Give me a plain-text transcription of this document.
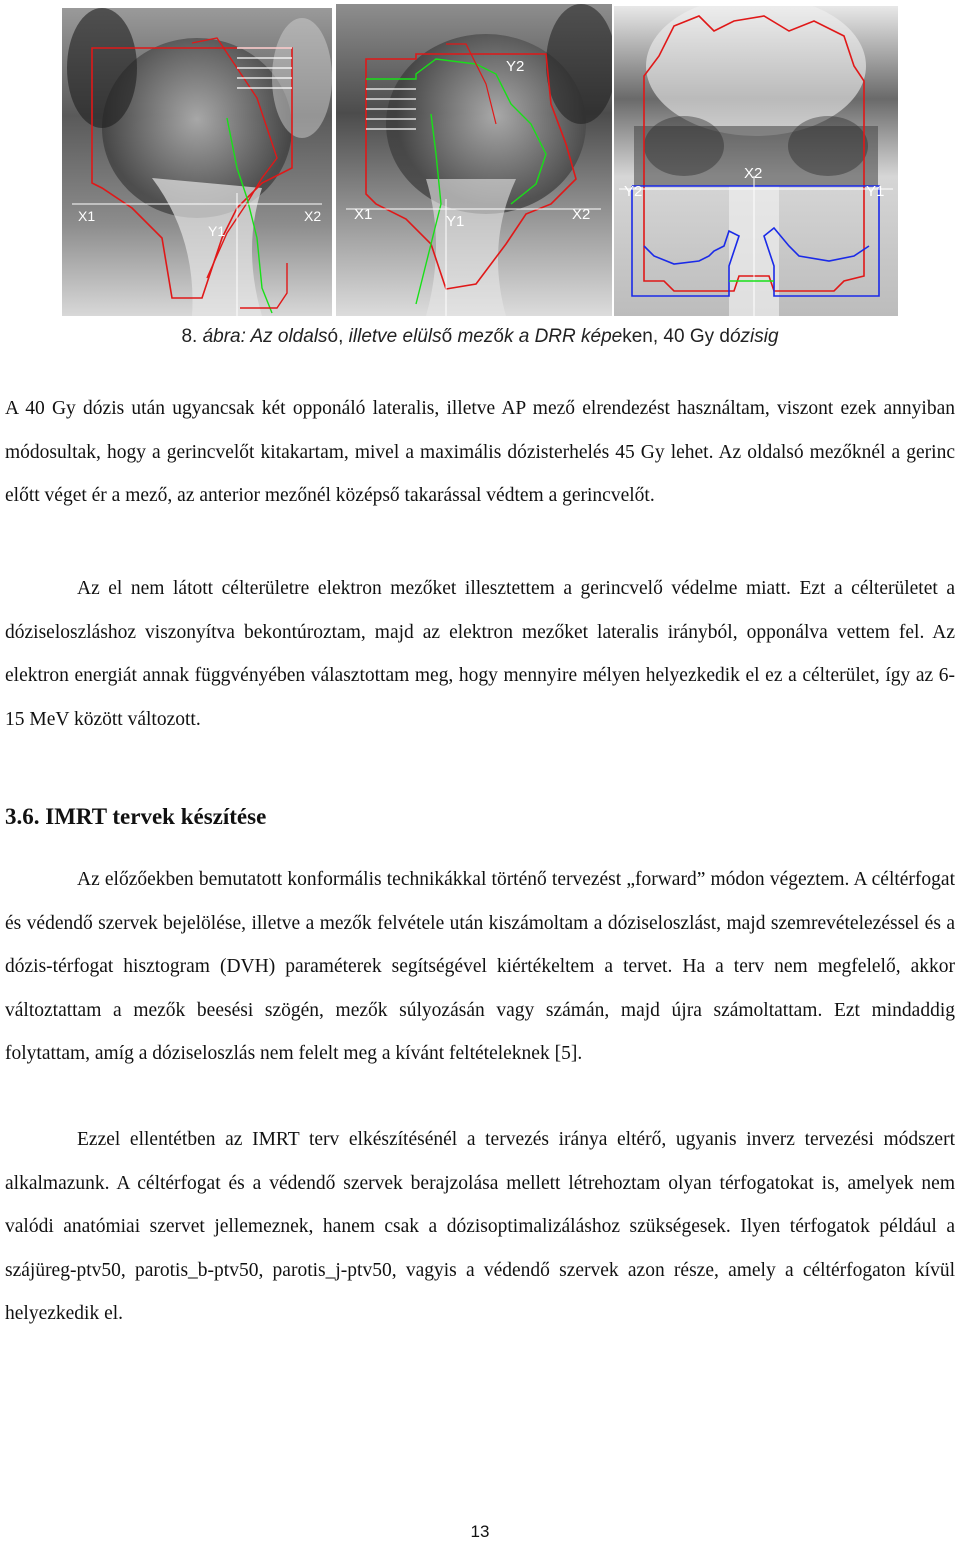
X1	X2
Y1
Y2
X1	Y1	X2
X2
Y2	Y1
8. ábra: Az oldalsó, illetve elülső mezők a DRR képeken, 40 Gy dózisig

A 40 Gy dózis után ugyancsak két opponáló lateralis, illetve AP mező elrendezést használtam, viszont ezek annyiban módosultak, hogy a gerincvelőt kitakartam, mivel a maximális dózisterhelés 45 Gy lehet. Az oldalsó mezőknél a gerinc előtt véget ér a mező, az anterior mezőnél középső takarással védtem a gerincvelőt.

Az el nem látott célterületre elektron mezőket illesztettem a gerincvelő védelme miatt. Ezt a célterületet a dóziseloszláshoz viszonyítva bekontúroztam, majd az elektron mezőket lateralis irányból, opponálva vettem fel. Az elektron energiát annak függvényében választottam meg, hogy mennyire mélyen helyezkedik el ez a célterület, így az 6-15 MeV között változott.

3.6. IMRT tervek készítése

Az előzőekben bemutatott konformális technikákkal történő tervezést „forward” módon végeztem. A céltérfogat és védendő szervek bejelölése, illetve a mezők felvétele után kiszámoltam a dóziseloszlást, majd szemrevételezéssel és a dózis-térfogat hisztogram (DVH) paraméterek segítségével kiértékeltem a tervet. Ha a terv nem megfelelő, akkor változtattam a mezők beesési szögén, mezők súlyozásán vagy számán, majd újra számoltattam. Ezt mindaddig folytattam, amíg a dóziseloszlás nem felelt meg a kívánt feltételeknek [5].

Ezzel ellentétben az IMRT terv elkészítésénél a tervezés iránya eltérő, ugyanis inverz tervezési módszert alkalmazunk. A céltérfogat és a védendő szervek berajzolása mellett létrehoztam olyan térfogatokat is, amelyek nem valódi anatómiai szervet jellemeznek, hanem csak a dózisoptimalizáláshoz szükségesek. Ilyen térfogatok például a szájüreg-ptv50, parotis_b-ptv50, parotis_j-ptv50, vagyis a védendő szervek azon része, amely a céltérfogaton kívül helyezkedik el.

13
